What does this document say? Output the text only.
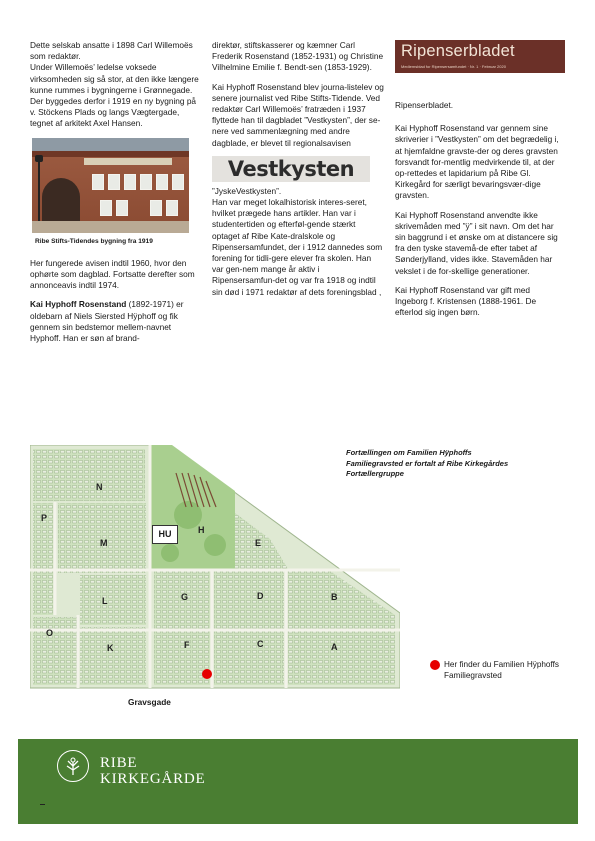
Dette selskab ansatte i 1898 Carl Willemoës som redaktør.
Under Willemoës’ ledelse voksede virksomheden sig så stor, at den ikke længere kunne rummes i bygningerne i Grønnegade. Der byggedes derfor i 1919 en ny bygning på v. Stöckens Plads og langs Vægtergade, tegnet af arkitekt Axel Hansen.

Ribe Stifts-Tidendes bygning fra 1919

Her fungerede avisen indtil 1960, hvor den ophørte som dagblad. Fortsatte derefter som annonceavis indtil 1974.

Kai Hyphoff Rosenstand (1892-1971) er oldebarn af Niels Siersted Hÿphoff og fik gennem sin bedstemor mellem-navnet Hyphoff. Han er søn af brand-

direktør, stiftskasserer og kæmner Carl Frederik Rosenstand (1852-1931) og Christine Vilhelmine Emilie f. Bendt-sen (1853-1929).

Kai Hyphoff Rosenstand blev journa-listelev og senere journalist ved Ribe Stifts-Tidende. Ved redaktør Carl Willemoës’ fratræden i 1937 flyttede han til dagbladet ”Vestkysten”, der se-nere ved sammenlægning med andre dagblade, er blevet til regionalsavisen

Vestkysten

”JyskeVestkysten”.
Han var meget lokalhistorisk interes-seret, hvilket prægede hans artikler. Han var i studentertiden og efterføl-gende stærkt optaget af Ribe Kate-dralskole og Ripensersamfundet, der i 1912 dannedes som forening for tidli-gere elever fra skolen. Han var gen-nem mange år aktiv i Ripensersamfun-det og var fra 1918 og indtil sin død i 1971 redaktør af dets foreningsblad ,

Ripenserbladet
Medlemsblad for Ripensersamfundet · Nr. 1 · Februar 2020

Ripenserbladet.

Kai Hyphoff Rosenstand var gennem sine skriverier i ”Vestkysten” om det begrædelig i, at hjemfaldne gravste-der og deres gravsten forsvandt for-mentlig medvirkende til, at der op-rettedes et lapidarium på Ribe Gl. Kirkegård for særligt bevaringsvær-dige gravsten.

Kai Hyphoff Rosenstand anvendte ikke skrivemåden med ”ÿ” i sit navn. Om det har sin baggrund i et ønske om at distancere sig fra den tyske stavemå-de efter tabet af Sønderjylland, vides ikke. Stavemåden har vekslet i de for-skellige generationer.

Kai Hyphoff Rosenstand var gift med Ingeborg f. Kristensen (1888-1961. De efterlod sig ingen børn.

N
P
M
HU	H
E
L	G	D	B
O
K	F	C	A
Gravsgade
Fortællingen om Familien Hÿphoffs Familiegravsted er fortalt af Ribe Kirkegårdes Fortællergruppe
Her finder du Familien Hÿphoffs Familiegravsted
RIBE
KIRKEGÅRDE
